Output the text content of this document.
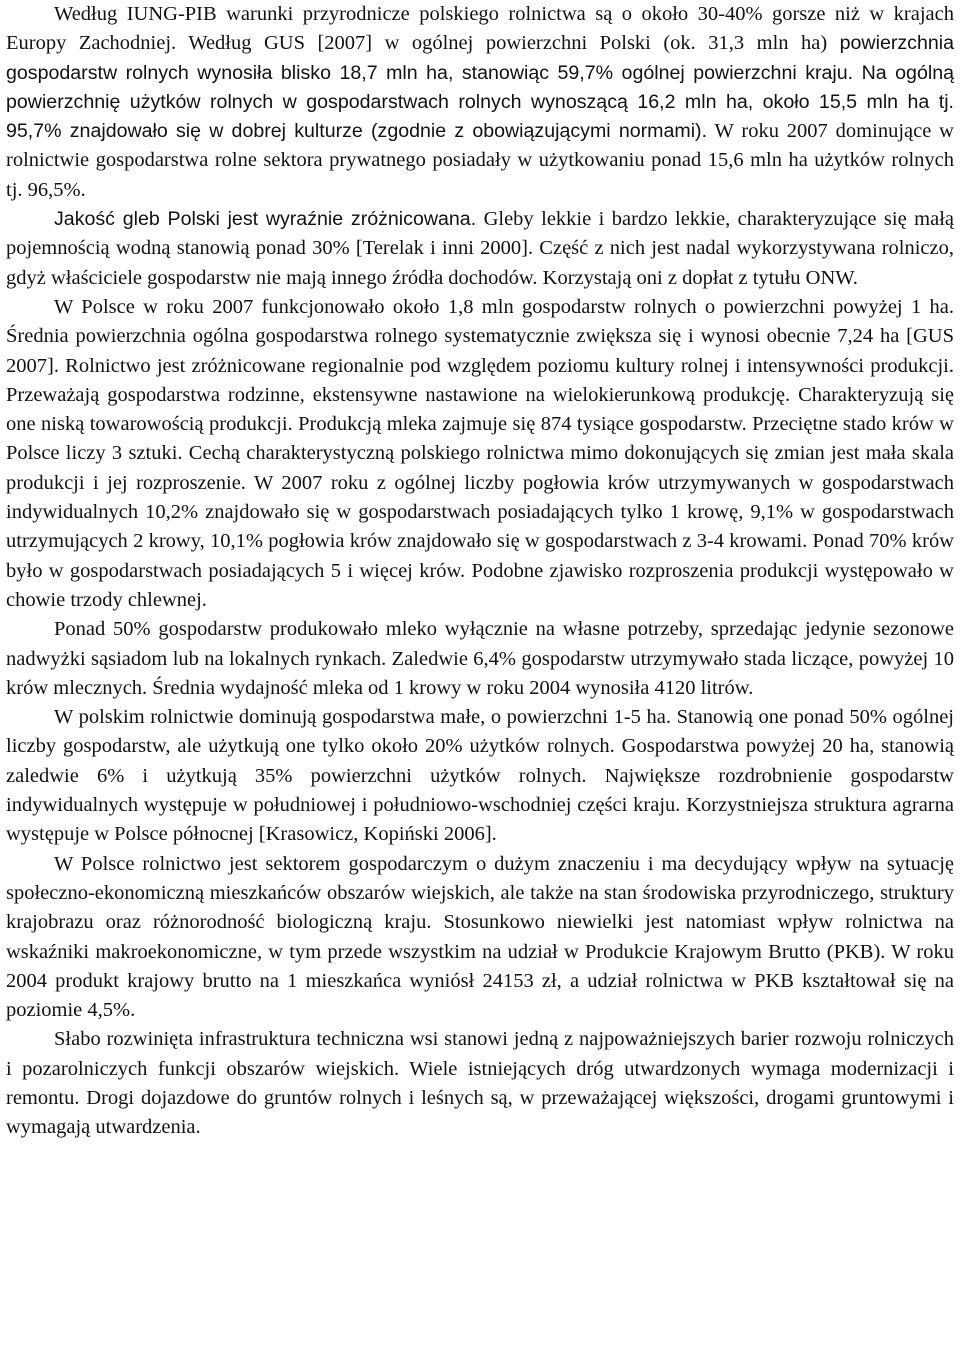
Według IUNG-PIB warunki przyrodnicze polskiego rolnictwa są o około 30-40% gorsze niż w krajach Europy Zachodniej. Według GUS [2007] w ogólnej powierzchni Polski (ok. 31,3 mln ha) powierzchnia gospodarstw rolnych wynosiła blisko 18,7 mln ha, stanowiąc 59,7% ogólnej powierzchni kraju. Na ogólną powierzchnię użytków rolnych w gospodarstwach rolnych wynoszącą 16,2 mln ha, około 15,5 mln ha tj. 95,7% znajdowało się w dobrej kulturze (zgodnie z obowiązującymi normami). W roku 2007 dominujące w rolnictwie gospodarstwa rolne sektora prywatnego posiadały w użytkowaniu ponad 15,6 mln ha użytków rolnych tj. 96,5%.

Jakość gleb Polski jest wyraźnie zróżnicowana. Gleby lekkie i bardzo lekkie, charakteryzujące się małą pojemnością wodną stanowią ponad 30% [Terelak i inni 2000]. Część z nich jest nadal wykorzystywana rolniczo, gdyż właściciele gospodarstw nie mają innego źródła dochodów. Korzystają oni z dopłat z tytułu ONW.

W Polsce w roku 2007 funkcjonowało około 1,8 mln gospodarstw rolnych o powierzchni powyżej 1 ha. Średnia powierzchnia ogólna gospodarstwa rolnego systematycznie zwiększa się i wynosi obecnie 7,24 ha [GUS 2007]. Rolnictwo jest zróżnicowane regionalnie pod względem poziomu kultury rolnej i intensywności produkcji. Przeważają gospodarstwa rodzinne, ekstensywne nastawione na wielokierunkową produkcję. Charakteryzują się one niską towarowością produkcji. Produkcją mleka zajmuje się 874 tysiące gospodarstw. Przeciętne stado krów w Polsce liczy 3 sztuki. Cechą charakterystyczną polskiego rolnictwa mimo dokonujących się zmian jest mała skala produkcji i jej rozproszenie. W 2007 roku z ogólnej liczby pogłowia krów utrzymywanych w gospodarstwach indywidualnych 10,2% znajdowało się w gospodarstwach posiadających tylko 1 krowę, 9,1% w gospodarstwach utrzymujących 2 krowy, 10,1% pogłowia krów znajdowało się w gospodarstwach z 3-4 krowami. Ponad 70% krów było w gospodarstwach posiadających 5 i więcej krów. Podobne zjawisko rozproszenia produkcji występowało w chowie trzody chlewnej.

Ponad 50% gospodarstw produkowało mleko wyłącznie na własne potrzeby, sprzedając jedynie sezonowe nadwyżki sąsiadom lub na lokalnych rynkach. Zaledwie 6,4% gospodarstw utrzymywało stada liczące, powyżej 10 krów mlecznych. Średnia wydajność mleka od 1 krowy w roku 2004 wynosiła 4120 litrów.

W polskim rolnictwie dominują gospodarstwa małe, o powierzchni 1-5 ha. Stanowią one ponad 50% ogólnej liczby gospodarstw, ale użytkują one tylko około 20% użytków rolnych. Gospodarstwa powyżej 20 ha, stanowią zaledwie 6% i użytkują 35% powierzchni użytków rolnych. Największe rozdrobnienie gospodarstw indywidualnych występuje w południowej i południowo-wschodniej części kraju. Korzystniejsza struktura agrarna występuje w Polsce północnej [Krasowicz, Kopiński 2006].

W Polsce rolnictwo jest sektorem gospodarczym o dużym znaczeniu i ma decydujący wpływ na sytuację społeczno-ekonomiczną mieszkańców obszarów wiejskich, ale także na stan środowiska przyrodniczego, struktury krajobrazu oraz różnorodność biologiczną kraju. Stosunkowo niewielki jest natomiast wpływ rolnictwa na wskaźniki makroekonomiczne, w tym przede wszystkim na udział w Produkcie Krajowym Brutto (PKB). W roku 2004 produkt krajowy brutto na 1 mieszkańca wyniósł 24153 zł, a udział rolnictwa w PKB kształtował się na poziomie 4,5%.

Słabo rozwinięta infrastruktura techniczna wsi stanowi jedną z najpoważniejszych barier rozwoju rolniczych i pozarolniczych funkcji obszarów wiejskich. Wiele istniejących dróg utwardzonych wymaga modernizacji i remontu. Drogi dojazdowe do gruntów rolnych i leśnych są, w przeważającej większości, drogami gruntowymi i wymagają utwardzenia.
